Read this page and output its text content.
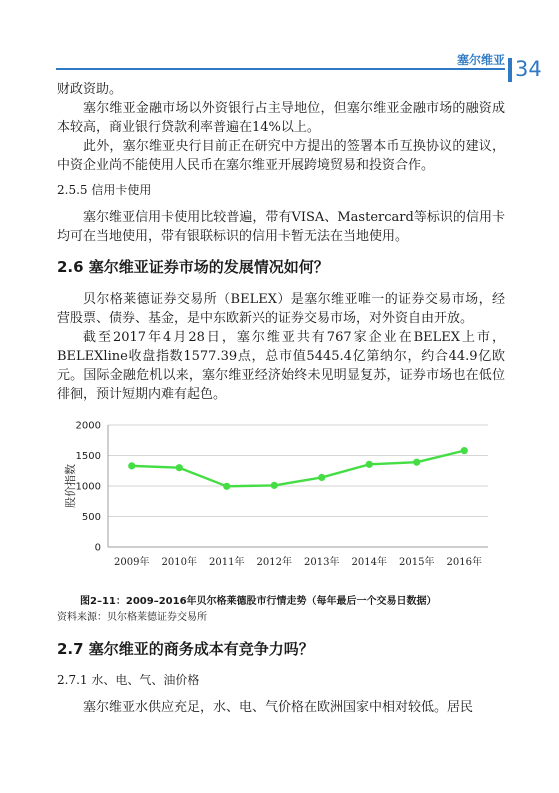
塞尔维亚 34

财政资助。

塞尔维亚金融市场以外资银行占主导地位，但塞尔维亚金融市场的融资成本较高，商业银行贷款利率普遍在14%以上。

此外，塞尔维亚央行目前正在研究中方提出的签署本币互换协议的建议，中资企业尚不能使用人民币在塞尔维亚开展跨境贸易和投资合作。

2.5.5 信用卡使用

塞尔维亚信用卡使用比较普遍，带有VISA、Mastercard等标识的信用卡均可在当地使用，带有银联标识的信用卡暂无法在当地使用。

2.6 塞尔维亚证券市场的发展情况如何？

贝尔格莱德证券交易所（BELEX）是塞尔维亚唯一的证券交易市场，经营股票、债券、基金，是中东欧新兴的证券交易市场，对外资自由开放。

截至2017年4月28日，塞尔维亚共有767家企业在BELEX上市，BELEXline收盘指数1577.39点，总市值5445.4亿第纳尔，约合44.9亿欧元。国际金融危机以来，塞尔维亚经济始终未见明显复苏，证券市场也在低位徘徊，预计短期内难有起色。

0
500
1000
1500
2000
2009年 2010年 2011年 2012年 2013年 2014年 2015年 2016年
股价指数

图2–11：2009–2016年贝尔格莱德股市行情走势（每年最后一个交易日数据）

资料来源：贝尔格莱德证券交易所

2.7 塞尔维亚的商务成本有竞争力吗？

2.7.1 水、电、气、油价格

塞尔维亚水供应充足，水、电、气价格在欧洲国家中相对较低。居民
